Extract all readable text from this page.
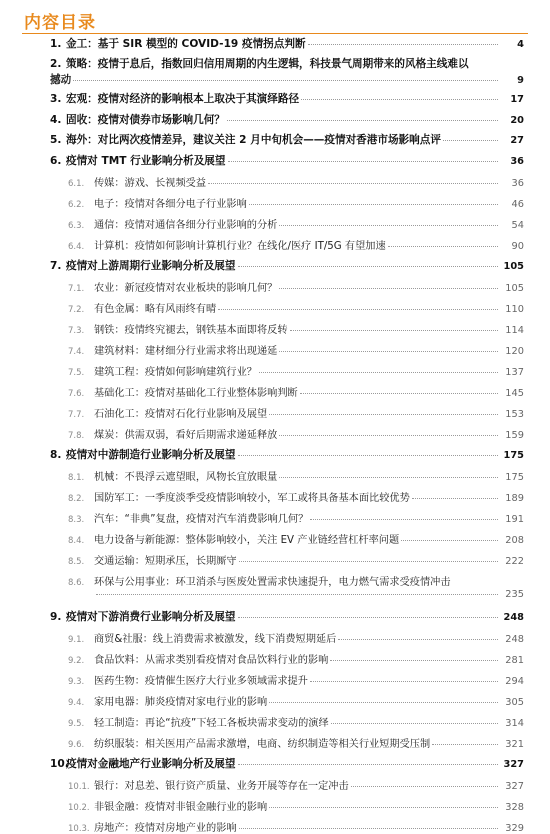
内容目录
1. 金工：基于 SIR 模型的 COVID-19 疫情拐点判断	4
2. 策略：疫情于息后，指数回归信用周期的内生逻辑，科技景气周期带来的风格主线难以
撼动	9
3. 宏观：疫情对经济的影响根本上取决于其演绎路径	17
4. 固收：疫情对债券市场影响几何？	20
5. 海外：对比两次疫情差异，建议关注 2 月中旬机会——疫情对香港市场影响点评	27
6. 疫情对 TMT 行业影响分析及展望	36
6.1. 传媒：游戏、长视频受益	36
6.2. 电子：疫情对各细分电子行业影响	46
6.3. 通信：疫情对通信各细分行业影响的分析	54
6.4. 计算机：疫情如何影响计算机行业？在线化/医疗 IT/5G 有望加速	90
7. 疫情对上游周期行业影响分析及展望	105
7.1. 农业：新冠疫情对农业板块的影响几何？	105
7.2. 有色金属：略有风雨终有晴	110
7.3. 钢铁：疫情终究褪去，钢铁基本面即将反转	114
7.4. 建筑材料：建材细分行业需求将出现递延	120
7.5. 建筑工程：疫情如何影响建筑行业？	137
7.6. 基础化工：疫情对基础化工行业整体影响判断	145
7.7. 石油化工：疫情对石化行业影响及展望	153
7.8. 煤炭：供需双弱，看好后期需求递延释放	159
8. 疫情对中游制造行业影响分析及展望	175
8.1. 机械：不畏浮云遮望眼，风物长宜放眼量	175
8.2. 国防军工：一季度淡季受疫情影响较小，军工或将具备基本面比较优势	189
8.3. 汽车：“非典”复盘，疫情对汽车消费影响几何？	191
8.4. 电力设备与新能源：整体影响较小，关注 EV 产业链经营杠杆率问题	208
8.5. 交通运输：短期承压，长期厮守	222
8.6. 环保与公用事业：环卫消杀与医废处置需求快速提升，电力燃气需求受疫情冲击
235
9. 疫情对下游消费行业影响分析及展望	248
9.1. 商贸&社服：线上消费需求被激发，线下消费短期延后	248
9.2. 食品饮料：从需求类别看疫情对食品饮料行业的影响	281
9.3. 医药生物：疫情催生医疗大行业多领域需求提升	294
9.4. 家用电器：肺炎疫情对家电行业的影响	305
9.5. 轻工制造：再论“抗疫”下轻工各板块需求变动的演绎	314
9.6. 纺织服装：相关医用产品需求激增，电商、纺织制造等相关行业短期受压制	321
10.
疫情对金融地产行业影响分析及展望	327
10.1. 银行：对息差、银行资产质量、业务开展等存在一定冲击	327
10.2. 非银金融：疫情对非银金融行业的影响	328
10.3. 房地产：疫情对房地产业的影响	329
